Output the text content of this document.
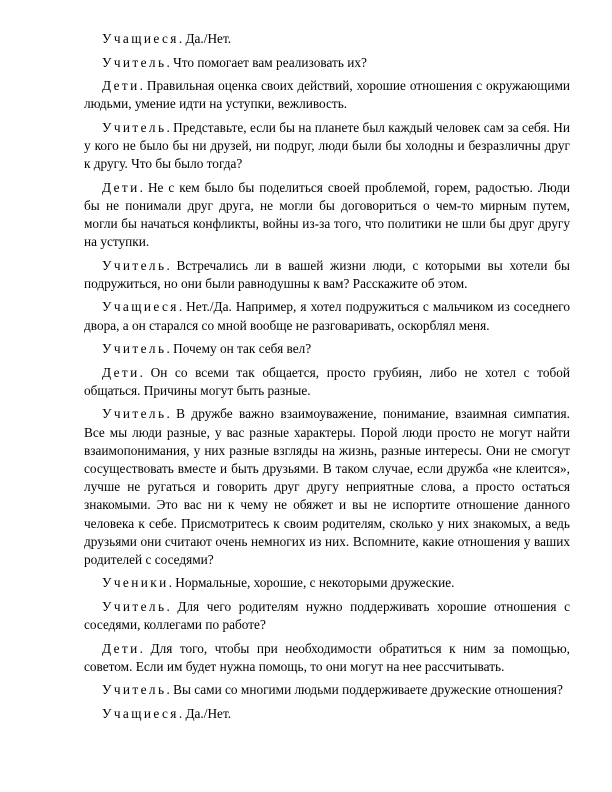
Учащиеся. Да./Нет.

Учитель. Что помогает вам реализовать их?

Дети. Правильная оценка своих действий, хорошие отношения с окружающими людьми, умение идти на уступки, вежливость.

Учитель. Представьте, если бы на планете был каждый человек сам за себя. Ни у кого не было бы ни друзей, ни подруг, люди были бы холодны и безразличны друг к другу. Что бы было тогда?

Дети. Не с кем было бы поделиться своей проблемой, горем, радостью. Люди бы не понимали друг друга, не могли бы договориться о чем-то мирным путем, могли бы начаться конфликты, войны из-за того, что политики не шли бы друг другу на уступки.

Учитель. Встречались ли в вашей жизни люди, с которыми вы хотели бы подружиться, но они были равнодушны к вам? Расскажите об этом.

Учащиеся. Нет./Да. Например, я хотел подружиться с мальчиком из соседнего двора, а он старался со мной вообще не разговаривать, оскорблял меня.

Учитель. Почему он так себя вел?

Дети. Он со всеми так общается, просто грубиян, либо не хотел с тобой общаться. Причины могут быть разные.

Учитель. В дружбе важно взаимоуважение, понимание, взаимная симпатия. Все мы люди разные, у вас разные характеры. Порой люди просто не могут найти взаимопонимания, у них разные взгляды на жизнь, разные интересы. Они не смогут сосуществовать вместе и быть друзьями. В таком случае, если дружба «не клеится», лучше не ругаться и говорить друг другу неприятные слова, а просто остаться знакомыми. Это вас ни к чему не обяжет и вы не испортите отношение данного человека к себе. Присмотритесь к своим родителям, сколько у них знакомых, а ведь друзьями они считают очень немногих из них. Вспомните, какие отношения у ваших родителей с соседями?

Ученики. Нормальные, хорошие, с некоторыми дружеские.

Учитель. Для чего родителям нужно поддерживать хорошие отношения с соседями, коллегами по работе?

Дети. Для того, чтобы при необходимости обратиться к ним за помощью, советом. Если им будет нужна помощь, то они могут на нее рассчитывать.

Учитель. Вы сами со многими людьми поддерживаете дружеские отношения?

Учащиеся. Да./Нет.
